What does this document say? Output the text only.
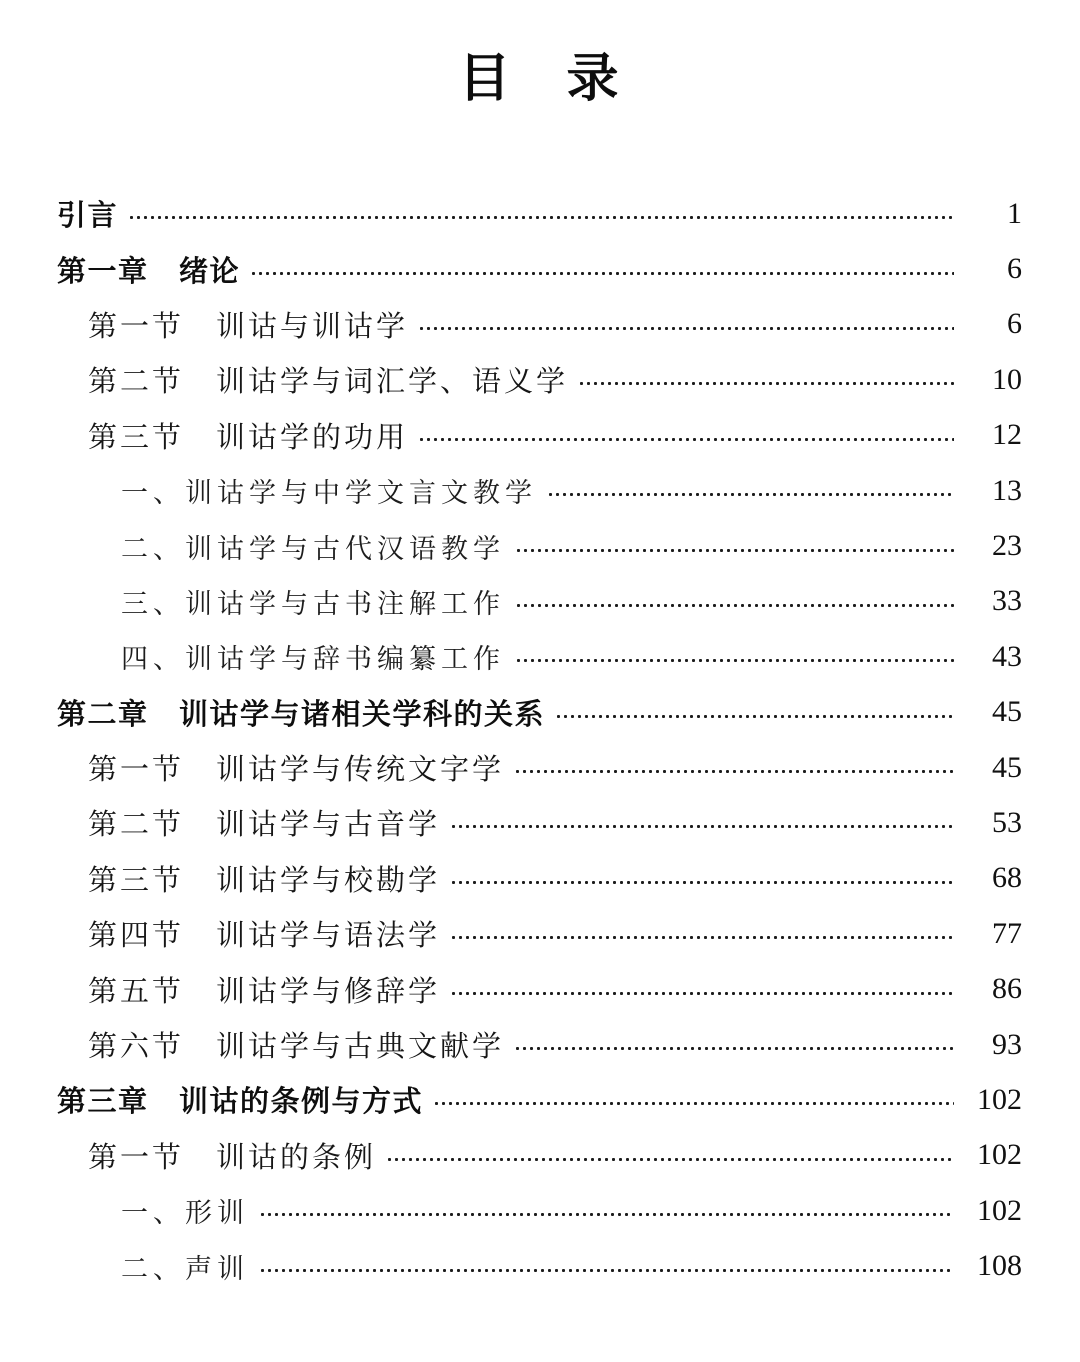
目　录
引言	1
第一章　绪论	6
第一节　训诂与训诂学	6
第二节　训诂学与词汇学、语义学	10
第三节　训诂学的功用	12
一、训诂学与中学文言文教学	13
二、训诂学与古代汉语教学	23
三、训诂学与古书注解工作	33
四、训诂学与辞书编纂工作	43
第二章　训诂学与诸相关学科的关系	45
第一节　训诂学与传统文字学	45
第二节　训诂学与古音学	53
第三节　训诂学与校勘学	68
第四节　训诂学与语法学	77
第五节　训诂学与修辞学	86
第六节　训诂学与古典文献学	93
第三章　训诂的条例与方式	102
第一节　训诂的条例	102
一、形训	102
二、声训	108
